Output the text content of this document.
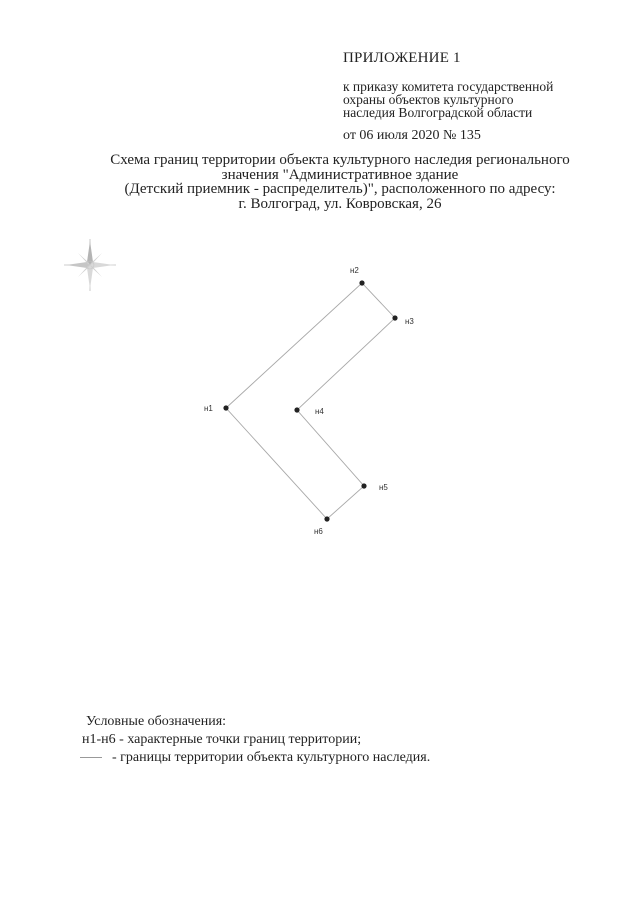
ПРИЛОЖЕНИЕ 1
к приказу комитета государственной
охраны объектов культурного
наследия Волгоградской области
от 06 июля 2020 № 135
Схема границ территории объекта культурного наследия регионального
значения "Административное здание
(Детский приемник - распределитель)", расположенного по адресу:
г. Волгоград, ул. Ковровская, 26
н1
н2
н3
н4
н5
н6
Условные обозначения:
н1-н6 - характерные точки границ территории;
- границы территории объекта культурного наследия.
